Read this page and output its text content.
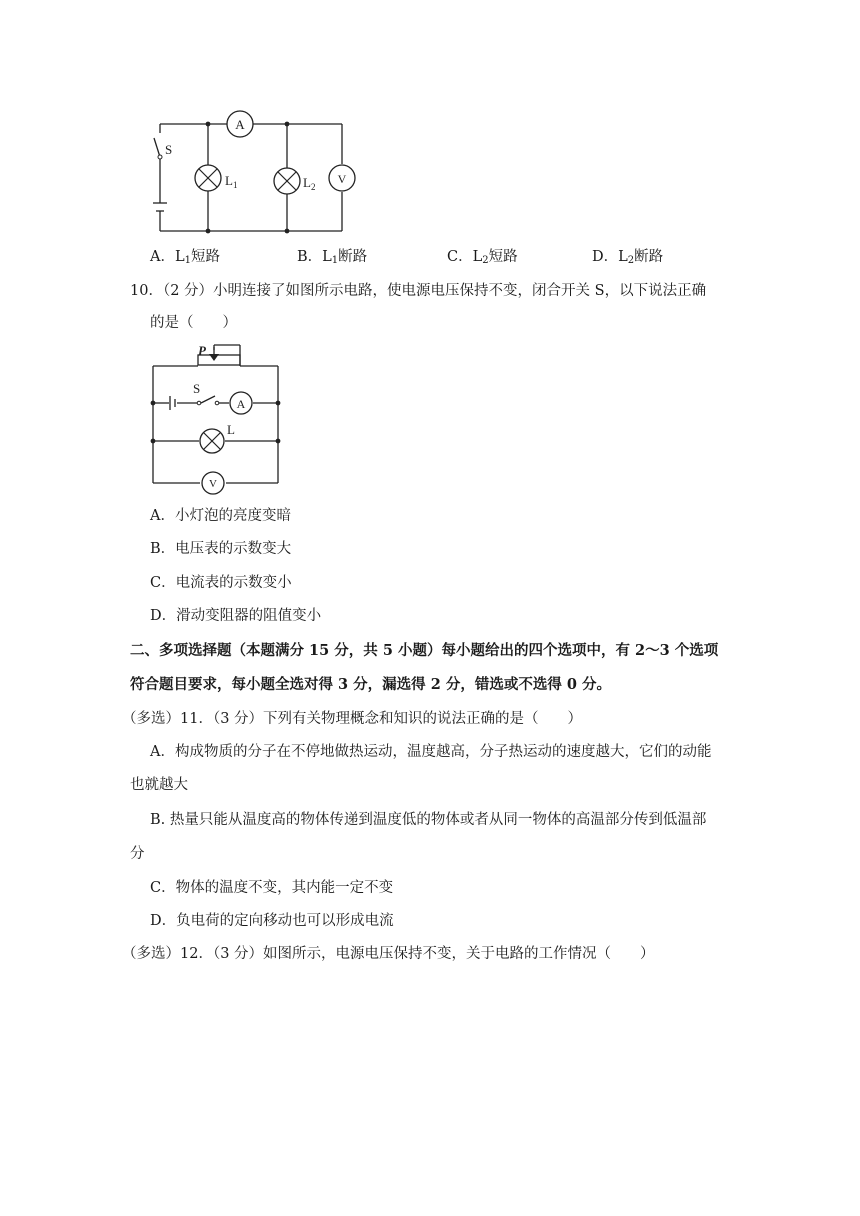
A
$L_1$	$L_2$
V
S
A．$L_1$短路	B．$L_1$断路	C．$L_2$短路	D．$L_2$断路
10．（2 分）小明连接了如图所示电路，使电源电压保持不变，闭合开关 S，以下说法正确
的是（　　）
A
L
V
P
S
A．小灯泡的亮度变暗
B．电压表的示数变大
C．电流表的示数变小
D．滑动变阻器的阻值变小
二、多项选择题（本题满分 15 分，共 5 小题）每小题给出的四个选项中，有 2～3 个选项
符合题目要求，每小题全选对得 3 分，漏选得 2 分，错选或不选得 0 分。
（多选）11．（3 分）下列有关物理概念和知识的说法正确的是（　　）
A．构成物质的分子在不停地做热运动，温度越高，分子热运动的速度越大，它们的动能
也就越大
B. 热量只能从温度高的物体传递到温度低的物体或者从同一物体的高温部分传到低温部
分
C．物体的温度不变，其内能一定不变
D．负电荷的定向移动也可以形成电流
（多选）12．（3 分）如图所示，电源电压保持不变，关于电路的工作情况（　　）
